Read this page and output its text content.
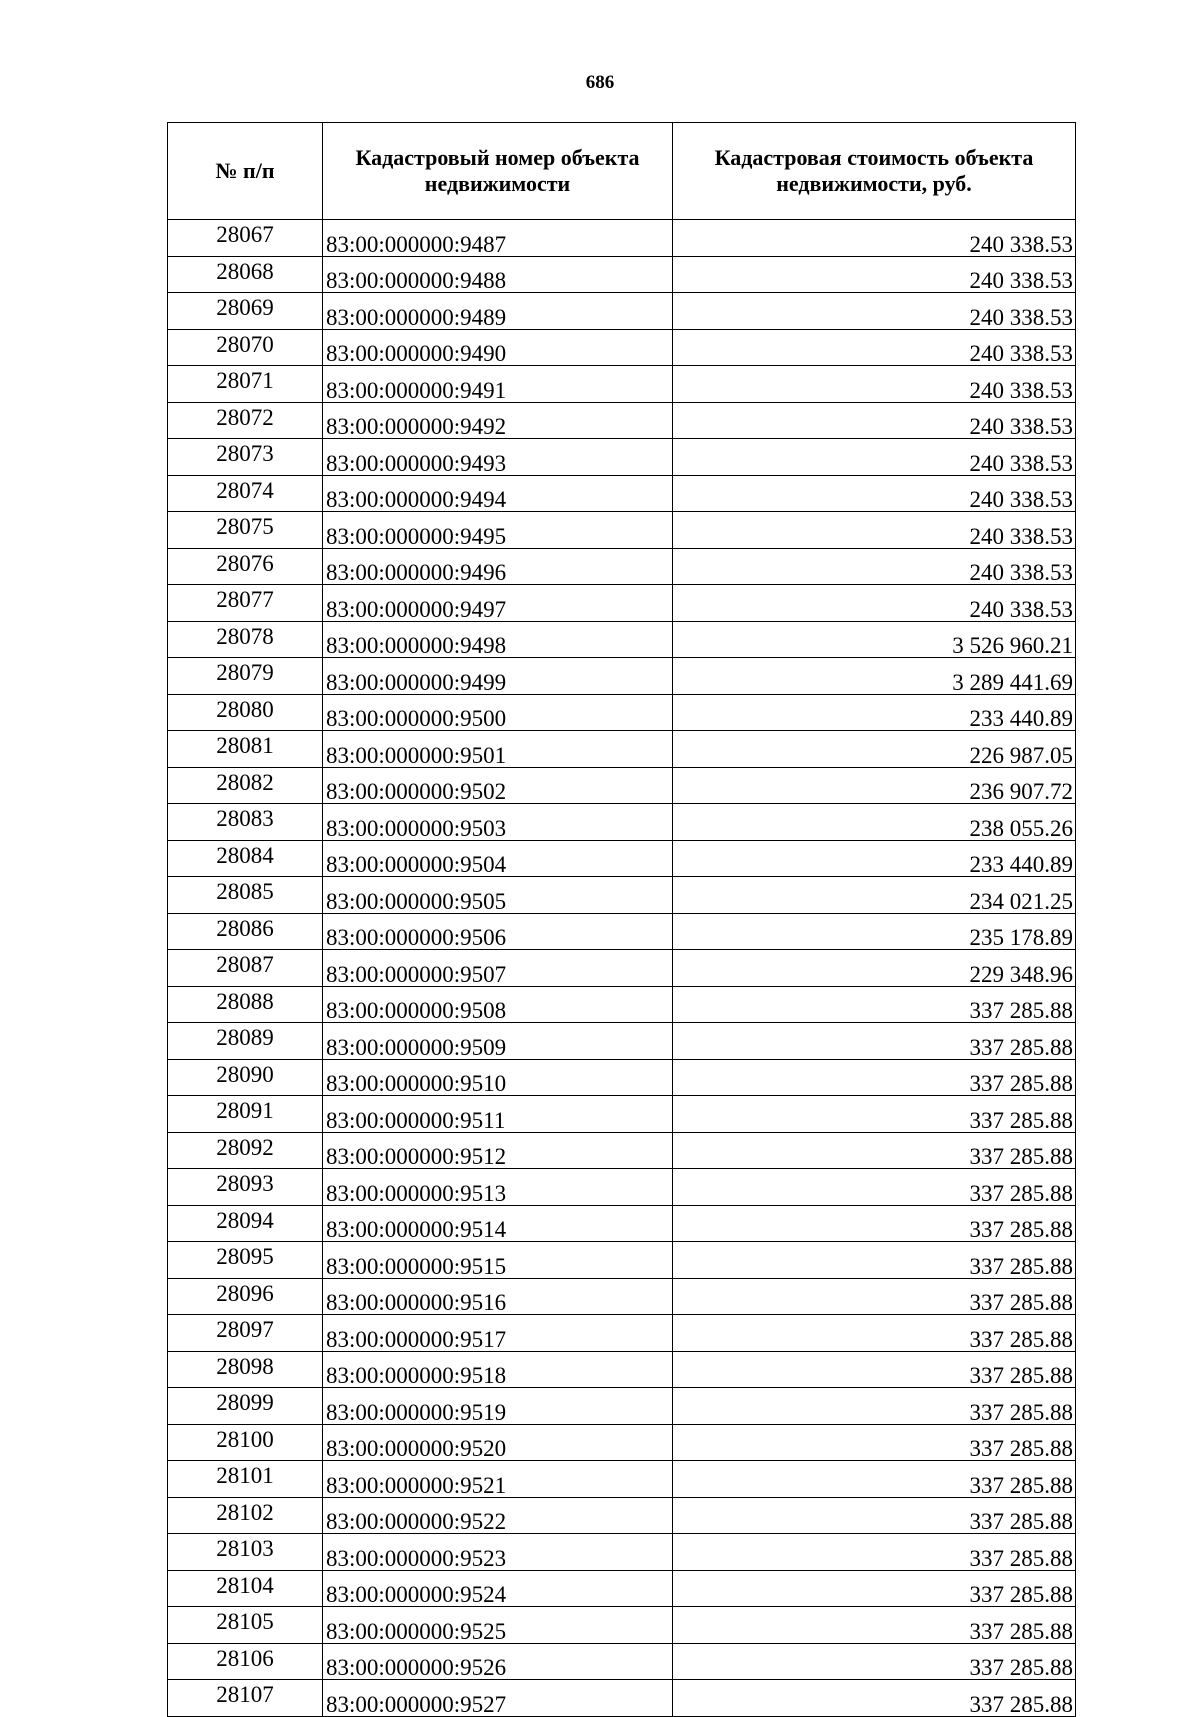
686
№ п/п	Кадастровый номер объекта недвижимости	Кадастровая стоимость объекта недвижимости, руб.
28067	83:00:000000:9487	240 338.53
28068	83:00:000000:9488	240 338.53
28069	83:00:000000:9489	240 338.53
28070	83:00:000000:9490	240 338.53
28071	83:00:000000:9491	240 338.53
28072	83:00:000000:9492	240 338.53
28073	83:00:000000:9493	240 338.53
28074	83:00:000000:9494	240 338.53
28075	83:00:000000:9495	240 338.53
28076	83:00:000000:9496	240 338.53
28077	83:00:000000:9497	240 338.53
28078	83:00:000000:9498	3 526 960.21
28079	83:00:000000:9499	3 289 441.69
28080	83:00:000000:9500	233 440.89
28081	83:00:000000:9501	226 987.05
28082	83:00:000000:9502	236 907.72
28083	83:00:000000:9503	238 055.26
28084	83:00:000000:9504	233 440.89
28085	83:00:000000:9505	234 021.25
28086	83:00:000000:9506	235 178.89
28087	83:00:000000:9507	229 348.96
28088	83:00:000000:9508	337 285.88
28089	83:00:000000:9509	337 285.88
28090	83:00:000000:9510	337 285.88
28091	83:00:000000:9511	337 285.88
28092	83:00:000000:9512	337 285.88
28093	83:00:000000:9513	337 285.88
28094	83:00:000000:9514	337 285.88
28095	83:00:000000:9515	337 285.88
28096	83:00:000000:9516	337 285.88
28097	83:00:000000:9517	337 285.88
28098	83:00:000000:9518	337 285.88
28099	83:00:000000:9519	337 285.88
28100	83:00:000000:9520	337 285.88
28101	83:00:000000:9521	337 285.88
28102	83:00:000000:9522	337 285.88
28103	83:00:000000:9523	337 285.88
28104	83:00:000000:9524	337 285.88
28105	83:00:000000:9525	337 285.88
28106	83:00:000000:9526	337 285.88
28107	83:00:000000:9527	337 285.88
